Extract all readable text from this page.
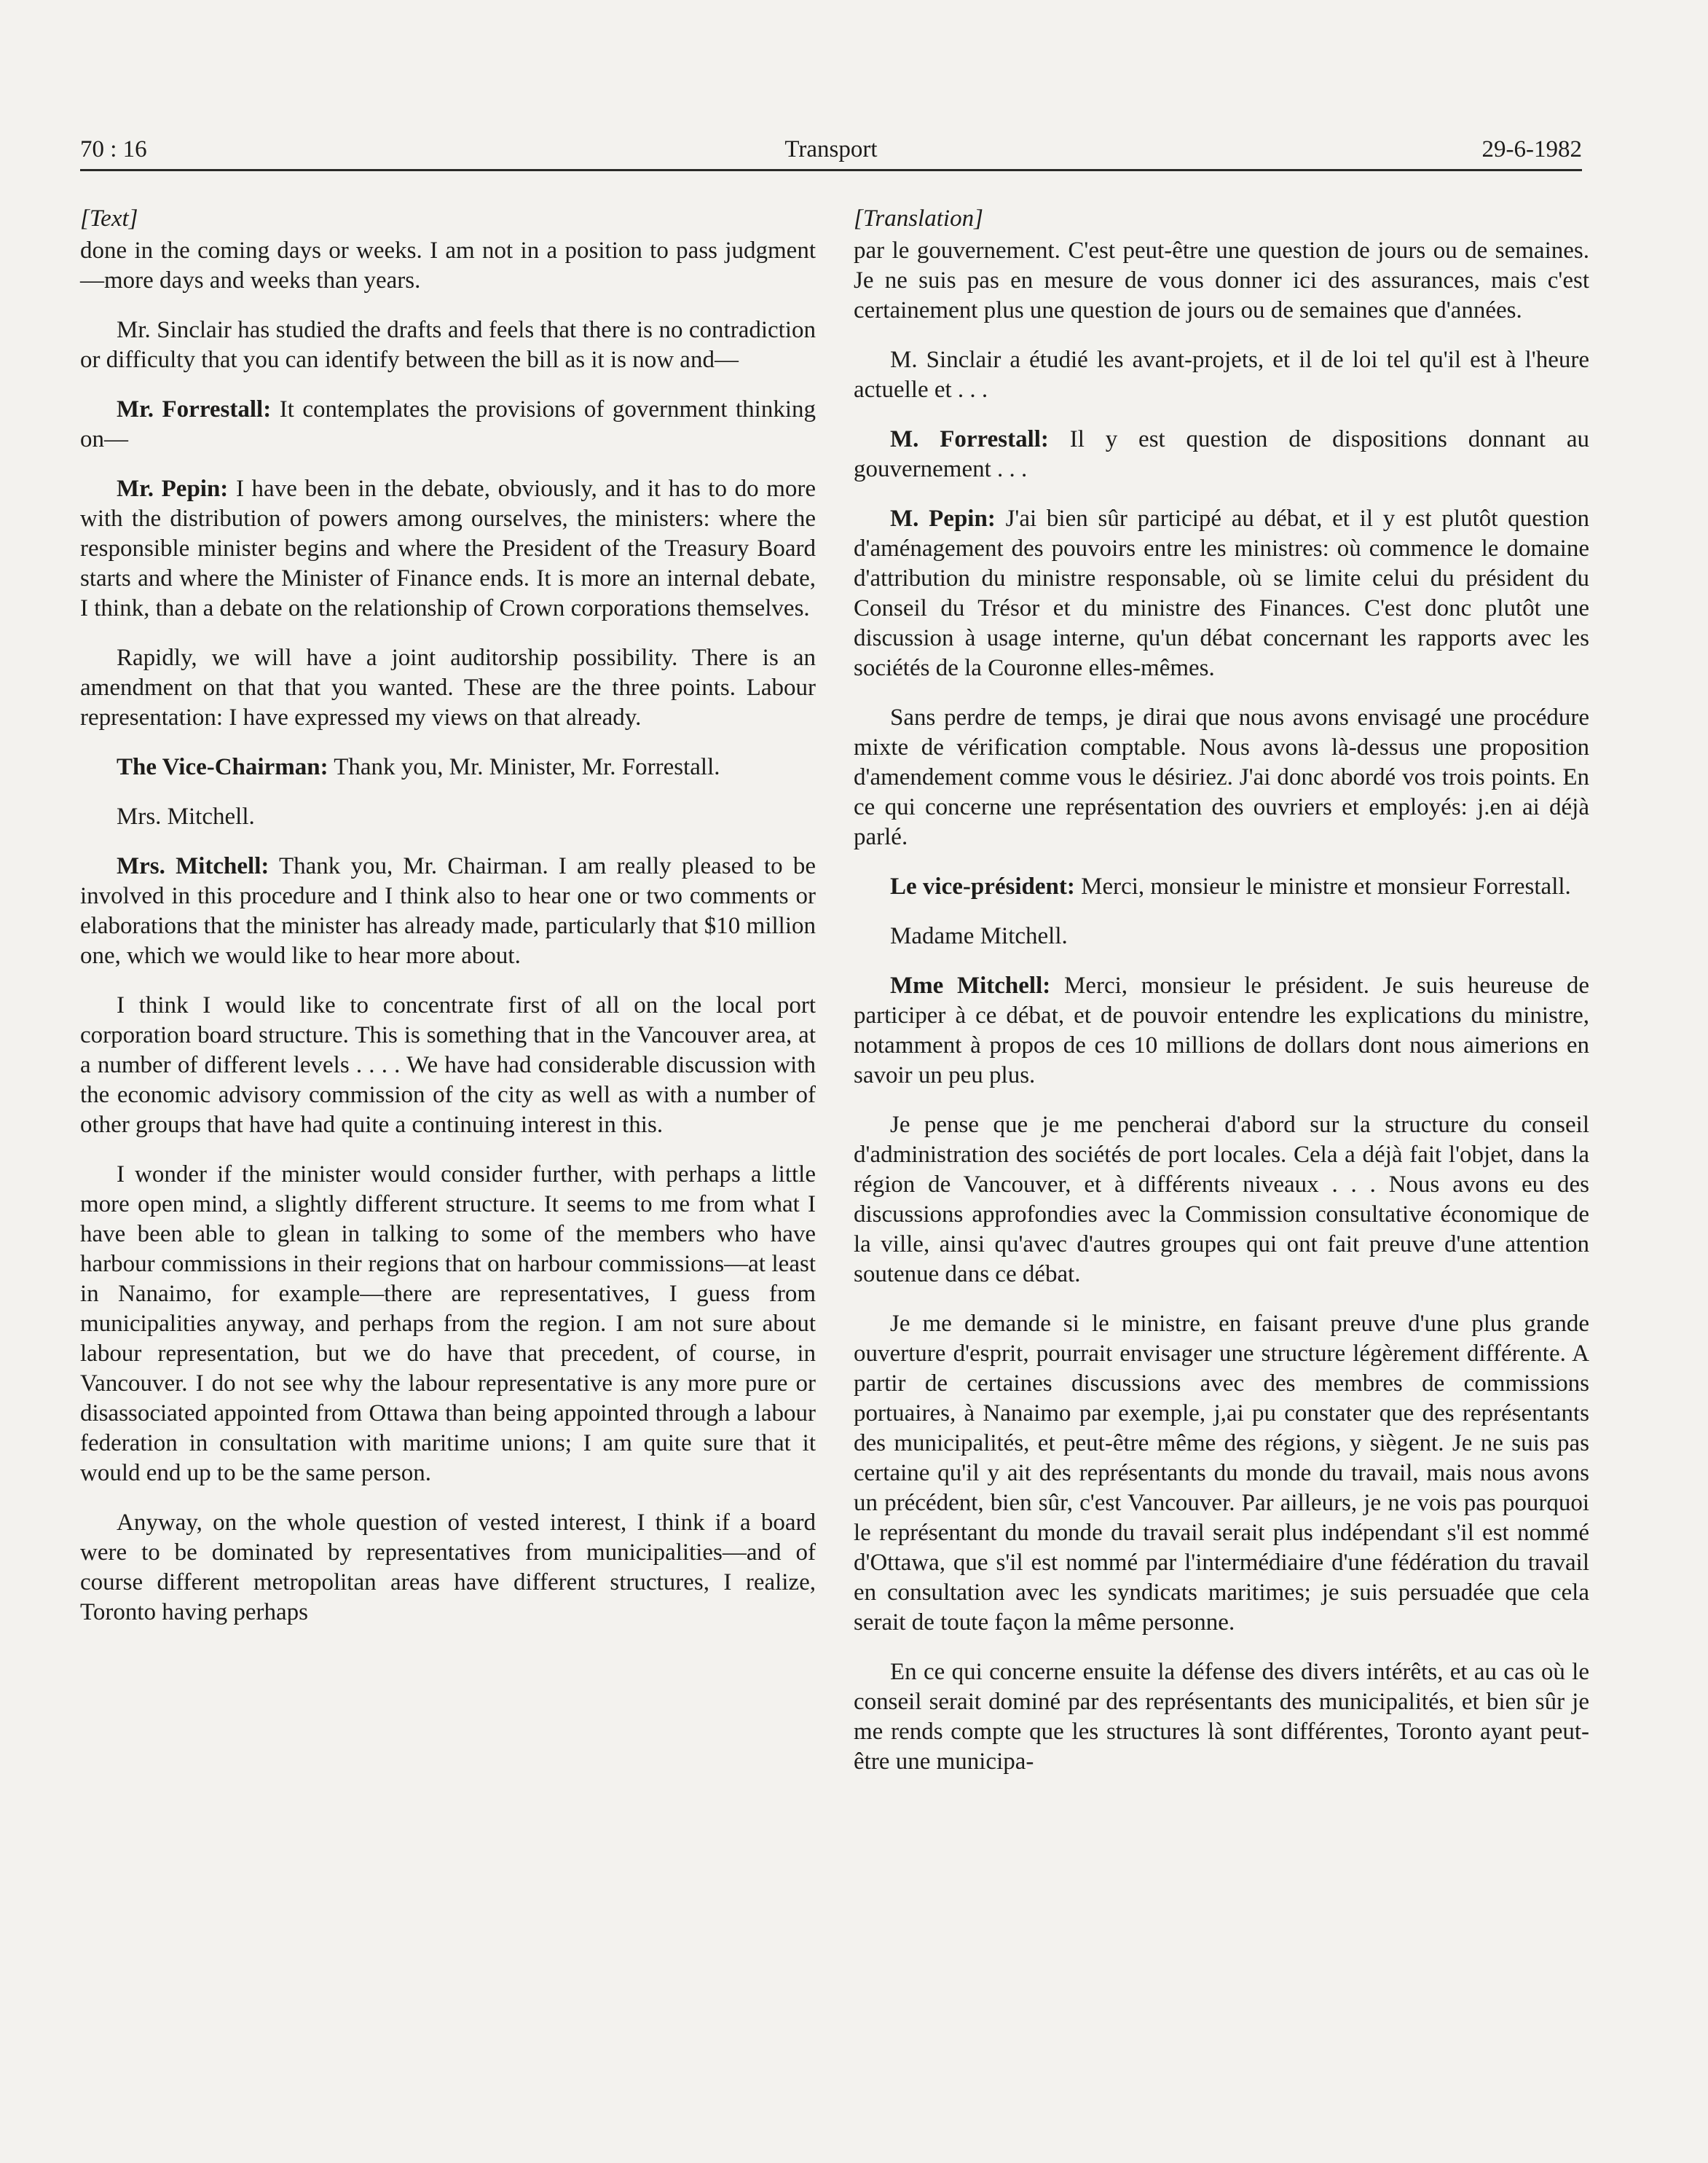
70 : 16	Transport	29-6-1982
[Text]

done in the coming days or weeks. I am not in a position to pass judgment—more days and weeks than years.

Mr. Sinclair has studied the drafts and feels that there is no contradiction or difficulty that you can identify between the bill as it is now and—

Mr. Forrestall: It contemplates the provisions of government thinking on—

Mr. Pepin: I have been in the debate, obviously, and it has to do more with the distribution of powers among ourselves, the ministers: where the responsible minister begins and where the President of the Treasury Board starts and where the Minister of Finance ends. It is more an internal debate, I think, than a debate on the relationship of Crown corporations themselves.

Rapidly, we will have a joint auditorship possibility. There is an amendment on that that you wanted. These are the three points. Labour representation: I have expressed my views on that already.

The Vice-Chairman: Thank you, Mr. Minister, Mr. Forrestall.

Mrs. Mitchell.

Mrs. Mitchell: Thank you, Mr. Chairman. I am really pleased to be involved in this procedure and I think also to hear one or two comments or elaborations that the minister has already made, particularly that $10 million one, which we would like to hear more about.

I think I would like to concentrate first of all on the local port corporation board structure. This is something that in the Vancouver area, at a number of different levels . . . . We have had considerable discussion with the economic advisory commission of the city as well as with a number of other groups that have had quite a continuing interest in this.

I wonder if the minister would consider further, with perhaps a little more open mind, a slightly different structure. It seems to me from what I have been able to glean in talking to some of the members who have harbour commissions in their regions that on harbour commissions—at least in Nanaimo, for example—there are representatives, I guess from municipalities anyway, and perhaps from the region. I am not sure about labour representation, but we do have that precedent, of course, in Vancouver. I do not see why the labour representative is any more pure or disassociated appointed from Ottawa than being appointed through a labour federation in consultation with maritime unions; I am quite sure that it would end up to be the same person.

Anyway, on the whole question of vested interest, I think if a board were to be dominated by representatives from municipalities—and of course different metropolitan areas have different structures, I realize, Toronto having perhaps

[Translation]

par le gouvernement. C'est peut-être une question de jours ou de semaines. Je ne suis pas en mesure de vous donner ici des assurances, mais c'est certainement plus une question de jours ou de semaines que d'années.

M. Sinclair a étudié les avant-projets, et il de loi tel qu'il est à l'heure actuelle et . . .

M. Forrestall: Il y est question de dispositions donnant au gouvernement . . .

M. Pepin: J'ai bien sûr participé au débat, et il y est plutôt question d'aménagement des pouvoirs entre les ministres: où commence le domaine d'attribution du ministre responsable, où se limite celui du président du Conseil du Trésor et du ministre des Finances. C'est donc plutôt une discussion à usage interne, qu'un débat concernant les rapports avec les sociétés de la Couronne elles-mêmes.

Sans perdre de temps, je dirai que nous avons envisagé une procédure mixte de vérification comptable. Nous avons là-dessus une proposition d'amendement comme vous le désiriez. J'ai donc abordé vos trois points. En ce qui concerne une représentation des ouvriers et employés: j.en ai déjà parlé.

Le vice-président: Merci, monsieur le ministre et monsieur Forrestall.

Madame Mitchell.

Mme Mitchell: Merci, monsieur le président. Je suis heureuse de participer à ce débat, et de pouvoir entendre les explications du ministre, notamment à propos de ces 10 millions de dollars dont nous aimerions en savoir un peu plus.

Je pense que je me pencherai d'abord sur la structure du conseil d'administration des sociétés de port locales. Cela a déjà fait l'objet, dans la région de Vancouver, et à différents niveaux . . . Nous avons eu des discussions approfondies avec la Commission consultative économique de la ville, ainsi qu'avec d'autres groupes qui ont fait preuve d'une attention soutenue dans ce débat.

Je me demande si le ministre, en faisant preuve d'une plus grande ouverture d'esprit, pourrait envisager une structure légèrement différente. A partir de certaines discussions avec des membres de commissions portuaires, à Nanaimo par exemple, j,ai pu constater que des représentants des municipalités, et peut-être même des régions, y siègent. Je ne suis pas certaine qu'il y ait des représentants du monde du travail, mais nous avons un précédent, bien sûr, c'est Vancouver. Par ailleurs, je ne vois pas pourquoi le représentant du monde du travail serait plus indépendant s'il est nommé d'Ottawa, que s'il est nommé par l'intermédiaire d'une fédération du travail en consultation avec les syndicats maritimes; je suis persuadée que cela serait de toute façon la même personne.

En ce qui concerne ensuite la défense des divers intérêts, et au cas où le conseil serait dominé par des représentants des municipalités, et bien sûr je me rends compte que les structures là sont différentes, Toronto ayant peut-être une municipa-
